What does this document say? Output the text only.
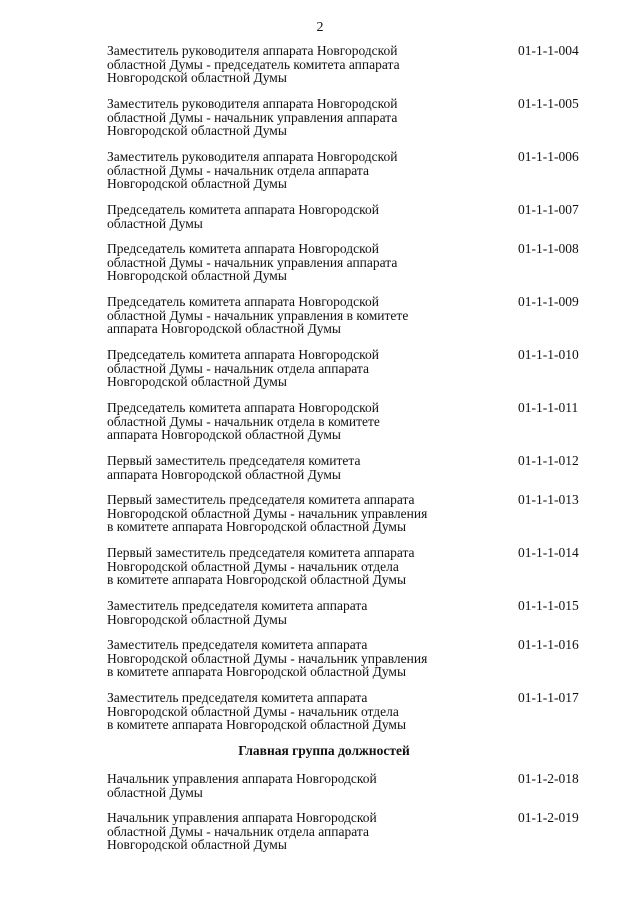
2
Заместитель руководителя аппарата Новгородской
областной Думы - председатель комитета аппарата
Новгородской областной Думы
01-1-1-004
Заместитель руководителя аппарата Новгородской
областной Думы - начальник управления аппарата
Новгородской областной Думы
01-1-1-005
Заместитель руководителя аппарата Новгородской
областной Думы - начальник отдела аппарата
Новгородской областной Думы
01-1-1-006
Председатель комитета аппарата Новгородской
областной Думы
01-1-1-007
Председатель комитета аппарата Новгородской
областной Думы - начальник управления аппарата
Новгородской областной Думы
01-1-1-008
Председатель комитета аппарата Новгородской
областной Думы - начальник управления в комитете
аппарата Новгородской областной Думы
01-1-1-009
Председатель комитета аппарата Новгородской
областной Думы - начальник отдела аппарата
Новгородской областной Думы
01-1-1-010
Председатель комитета аппарата Новгородской
областной Думы - начальник отдела в комитете
аппарата Новгородской областной Думы
01-1-1-011
Первый заместитель председателя комитета
аппарата Новгородской областной Думы
01-1-1-012
Первый заместитель председателя комитета аппарата
Новгородской областной Думы - начальник управления
в комитете аппарата Новгородской областной Думы
01-1-1-013
Первый заместитель председателя комитета аппарата
Новгородской областной Думы - начальник отдела
в комитете аппарата Новгородской областной Думы
01-1-1-014
Заместитель председателя комитета аппарата
Новгородской областной Думы
01-1-1-015
Заместитель председателя комитета аппарата
Новгородской областной Думы - начальник управления
в комитете аппарата Новгородской областной Думы
01-1-1-016
Заместитель председателя комитета аппарата
Новгородской областной Думы - начальник отдела
в комитете аппарата Новгородской областной Думы
01-1-1-017
Главная группа должностей
Начальник управления аппарата Новгородской
областной Думы
01-1-2-018
Начальник управления аппарата Новгородской
областной Думы - начальник отдела аппарата
Новгородской областной Думы
01-1-2-019
